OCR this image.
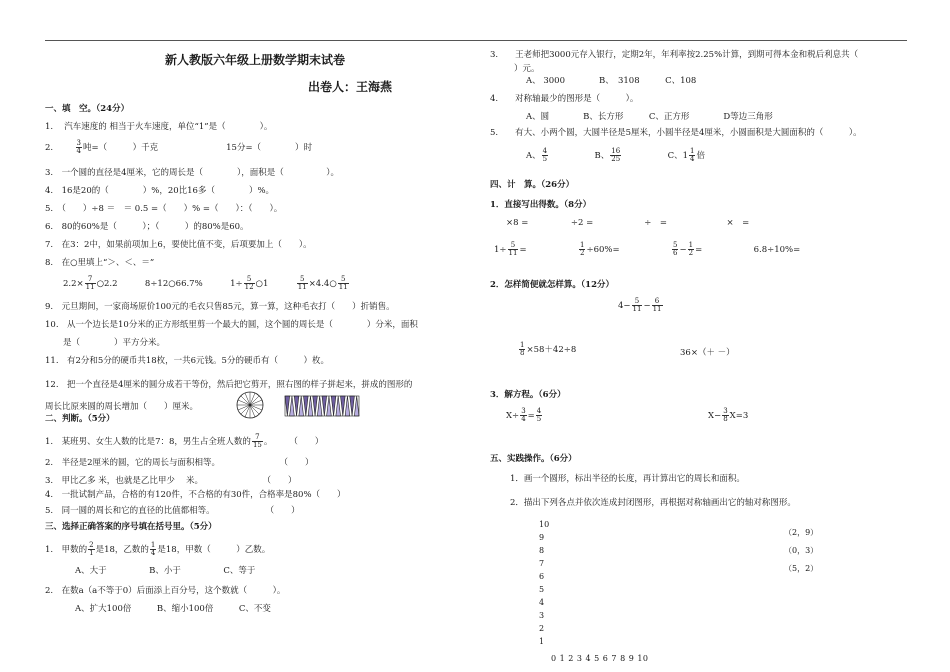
新人教版六年级上册数学期末试卷
出卷人：王海燕
一、填　空。（24分）
1.　 汽车速度的 相当于火车速度，单位“1”是（　　　　）。
2.	$\frac{3}{4}$ 吨=（　　　）千克　　　　　　　　15分=（　　　　）时
3.　一个圆的直径是4厘米，它的周长是（　　　　），面积是（　　　　　）。
4.　16是20的（　　　　）%，20比16多（　　　　）%。
5.　（　　）÷8 ＝　＝ 0.5 =（　　）% =（　　）：（　　）。
6.　80的60%是（　　　）；（　　　）的80%是60。
7.　在3：2中，如果前项加上6，要使比值不变，后项要加上（　　）。
8.　在○里填上“＞、＜、＝”
$2.2\times \frac{7}{11}$ ○2.2	8÷12○66.7%	$1\div \frac{5}{12}$ ○1	$\frac{5}{11}$ ×4.4○ $\frac{5}{11}$
9.　元旦期间，一家商场原价100元的毛衣只售85元，算一算，这种毛衣打（　　）折销售。
10.　从一个边长是10分米的正方形纸里剪一个最大的圆，这个圆的周长是（　　　　）分米，面积
是（　　　　）平方分米。
11.　有2分和5分的硬币共18枚，一共6元钱。5分的硬币有（　　　）枚。
12.　把一个直径是4厘米的圆分成若干等份，然后把它剪开，照右图的样子拼起来，拼成的图形的
周长比原来圆的周长增加（　　）厘米。
二、判断。（5分）
1.　某班男、女生人数的比是7：8，男生占全班人数的 $\frac{7}{15}$ 。　　　（　　）
2.　半径是2厘米的圆，它的周长与面积相等。　　　　　　　　（　　）
3.　甲比乙多 米，也就是乙比甲少　 米。　　　　　　　　（　　）
4.　一批试制产品，合格的有120件，不合格的有30件，合格率是80%（　　）
5.　同一圆的周长和它的直径的比值都相等。　　　　　　　（　　）
三、选择正确答案的序号填在括号里。（5分）
1.　甲数的 $\frac{2}{1}$ 是18，乙数的 $\frac{1}{4}$ 是18，甲数（　　　）乙数。
A、大于　　　　　B、小于　　　　　C、等于
2.　在数a（a不等于0）后面添上百分号，这个数就（　　　）。
A、扩大100倍　　　B、缩小100倍　　　C、不变
3.　　王老师把3000元存入银行，定期2年，年利率按2.25%计算，到期可得本金和税后利息共（
）元。
A、 3000　　　　B、　3108　　　C、108
4.　　对称轴最少的图形是（　　　）。
A、圆　　　　B、长方形　　　C、正方形　　　　D等边三角形
5.　　有大、小两个圆，大圆半径是5厘米，小圆半径是4厘米，小圆面积是大圆面积的（　　　）。
A、 $\frac{4}{5}$	B、 $\frac{16}{25}$	C、$1 \frac{1}{4}$ 倍
四、计　算。（26分）
1．直接写出得数。（8分）
×8 =　　　　　÷2 =　　　　　　÷　=　　　　　　　×　=
$1\div \frac{5}{11}$ =	$\frac{1}{2} \div 60\%=$	$\frac{5}{6} - \frac{1}{2}$ =	6.8÷10%=
2．怎样简便就怎样算。（12分）
$4- \frac{5}{11} - \frac{6}{11}$
$\frac{1}{8} \times 58+42\div 8$	36×（＋ －）
3．解方程。（6分）
$X\div \frac{3}{4} = \frac{4}{5}$	$X- \frac{3}{8} X=3$
五、实践操作。（6分）
1．画一个圆形，标出半径的长度，再计算出它的周长和面积。
2．描出下列各点并依次连成封闭图形，再根据对称轴画出它的轴对称图形。
10
9
8
7
6
5
4
3
2
1
0 1 2 3 4 5 6 7 8 9 10
（2，9）
（0，3）
（5，2）
